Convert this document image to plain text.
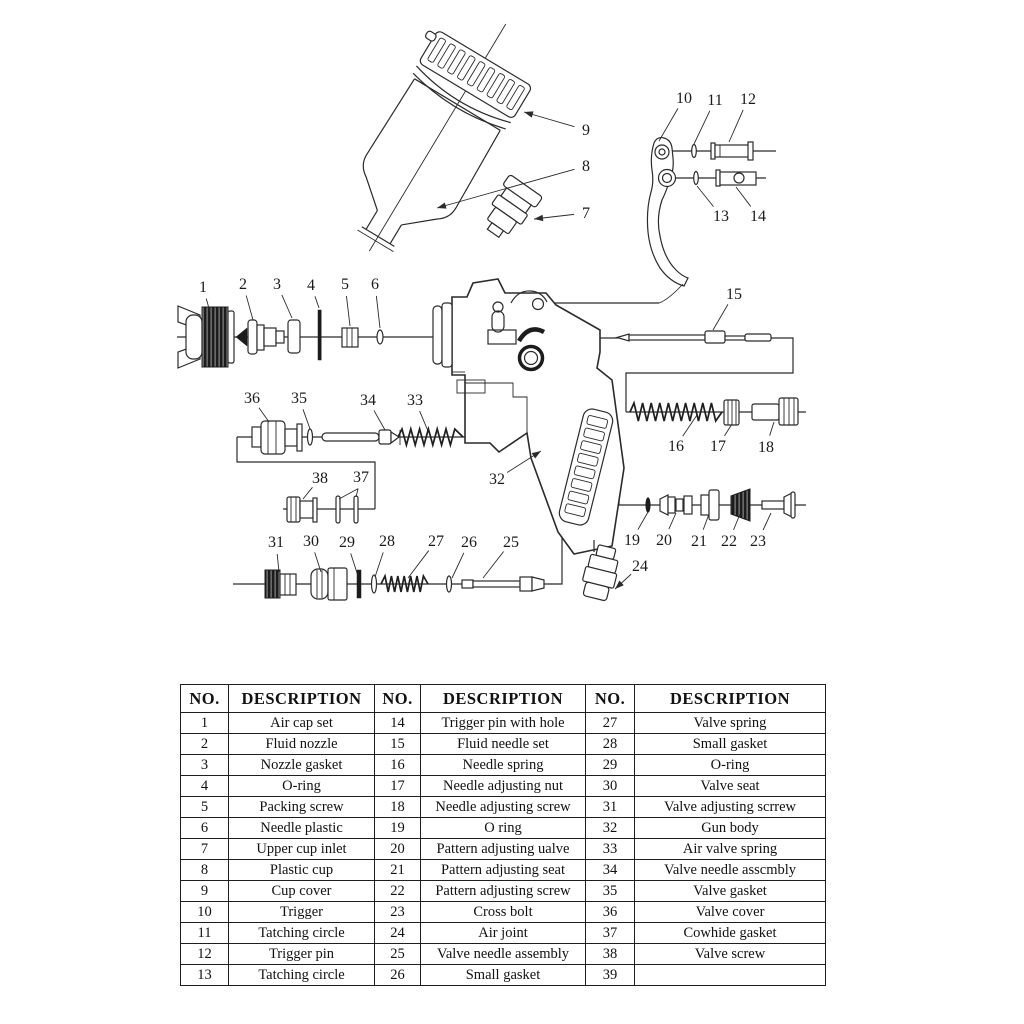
1 2 3 4 5 6
7
8
9
10 11 12
13 14
15
16 17 18
19 20 21 22 23
24
25
26
27
28
29
30
31
32
33
34
35
36
37
38
NO.	DESCRIPTION	NO.	DESCRIPTION	NO.	DESCRIPTION
1	Air cap set	14	Trigger pin with hole	27	Valve spring
2	Fluid nozzle	15	Fluid needle set	28	Small gasket
3	Nozzle gasket	16	Needle spring	29	O-ring
4	O-ring	17	Needle adjusting nut	30	Valve seat
5	Packing screw	18	Needle adjusting screw	31	Valve adjusting scrrew
6	Needle plastic	19	O ring	32	Gun body
7	Upper cup inlet	20	Pattern adjusting ualve	33	Air valve spring
8	Plastic cup	21	Pattern adjusting seat	34	Valve needle asscmbly
9	Cup cover	22	Pattern adjusting screw	35	Valve gasket
10	Trigger	23	Cross bolt	36	Valve cover
11	Tatching circle	24	Air joint	37	Cowhide gasket
12	Trigger pin	25	Valve needle assembly	38	Valve screw
13	Tatching circle	26	Small gasket	39	
